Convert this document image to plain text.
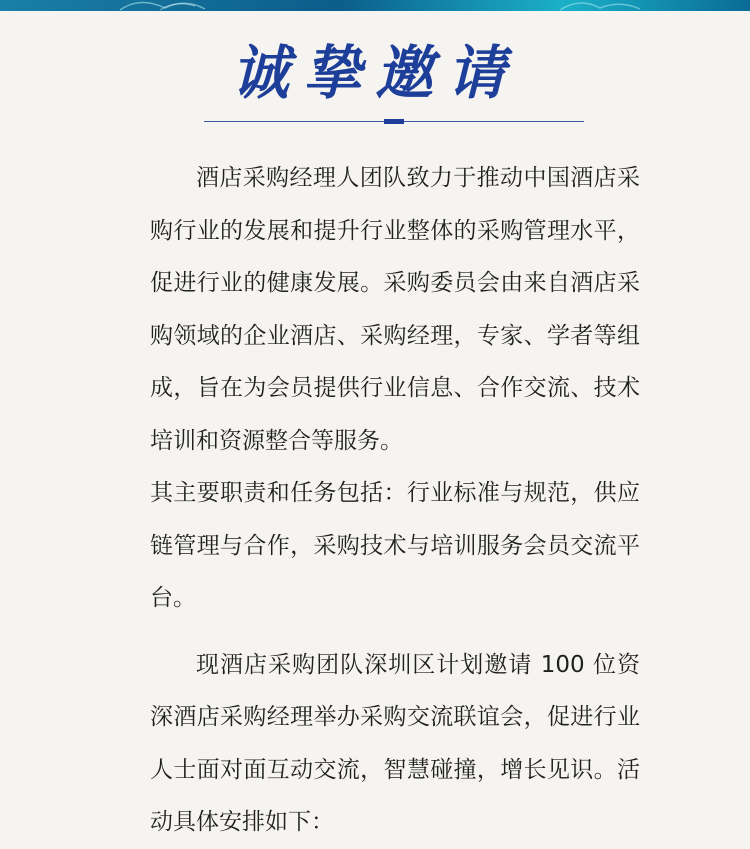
诚挚邀请

酒店采购经理人团队致力于推动中国酒店采购行业的发展和提升行业整体的采购管理水平，促进行业的健康发展。采购委员会由来自酒店采购领域的企业酒店、采购经理，专家、学者等组成，旨在为会员提供行业信息、合作交流、技术培训和资源整合等服务。

其主要职责和任务包括：行业标准与规范，供应链管理与合作，采购技术与培训服务会员交流平台。

现酒店采购团队深圳区计划邀请 100 位资深酒店采购经理举办采购交流联谊会，促进行业人士面对面互动交流，智慧碰撞，增长见识。活动具体安排如下：
